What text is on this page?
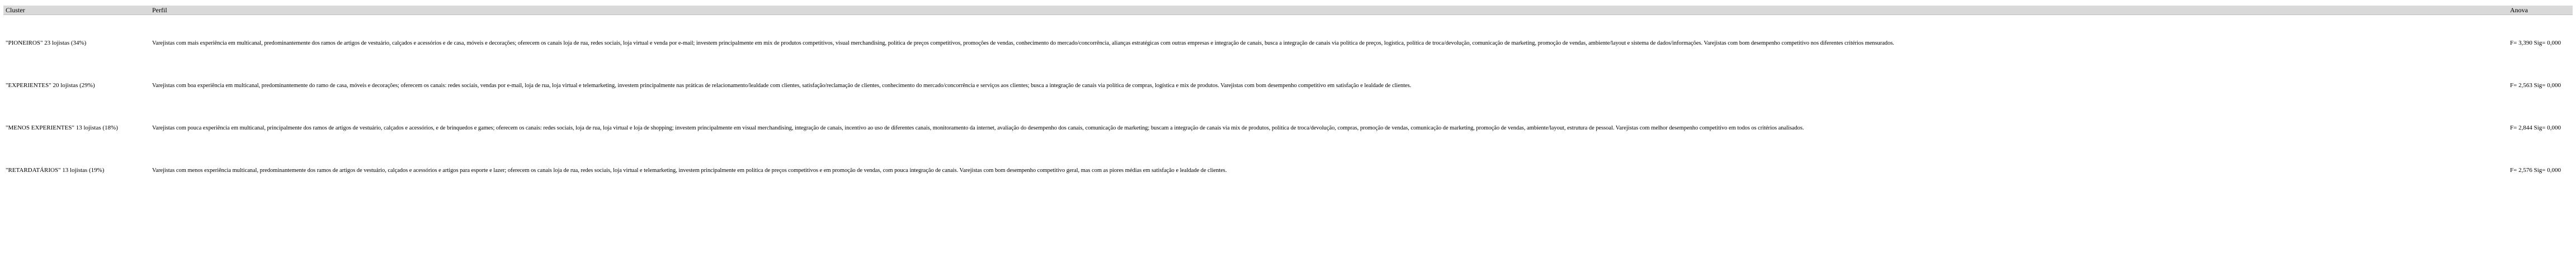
Cluster	Perfil	Anova
"PIONEIROS" 23 lojistas (34%)	Varejistas com mais experiência em multicanal, predominantemente dos ramos de artigos de vestuário, calçados e acessórios e de casa, móveis e decorações; oferecem os canais loja de rua, redes sociais, loja virtual e venda por e-mail; investem principalmente em mix de produtos competitivos, visual merchandising, política de preços competitivos, promoções de vendas, conhecimento do mercado/concorrência, alianças estratégicas com outras empresas e integração de canais, busca a integração de canais via política de preços, logística, política de troca/devolução, comunicação de marketing, promoção de vendas, ambiente/layout e sistema de dados/informações. Varejistas com bom desempenho competitivo nos diferentes critérios mensurados.	F= 3,390 Sig= 0,000
"EXPERIENTES" 20 lojistas (29%)	Varejistas com boa experiência em multicanal, predominantemente do ramo de casa, móveis e decorações; oferecem os canais: redes sociais, vendas por e-mail, loja de rua, loja virtual e telemarketing, investem principalmente nas práticas de relacionamento/lealdade com clientes, satisfação/reclamação de clientes, conhecimento do mercado/concorrência e serviços aos clientes; busca a integração de canais via política de compras, logística e mix de produtos. Varejistas com bom desempenho competitivo em satisfação e lealdade de clientes.	F= 2,563 Sig= 0,000
"MENOS EXPERIENTES" 13 lojistas (18%)	Varejistas com pouca experiência em multicanal, principalmente dos ramos de artigos de vestuário, calçados e acessórios, e de brinquedos e games; oferecem os canais: redes sociais, loja de rua, loja virtual e loja de shopping; investem principalmente em visual merchandising, integração de canais, incentivo ao uso de diferentes canais, monitoramento da internet, avaliação do desempenho dos canais, comunicação de marketing; buscam a integração de canais via mix de produtos, política de troca/devolução, compras, promoção de vendas, comunicação de marketing, promoção de vendas, ambiente/layout, estrutura de pessoal. Varejistas com melhor desempenho competitivo em todos os critérios analisados.	F= 2,844 Sig= 0,000
"RETARDATÁRIOS" 13 lojistas (19%)	Varejistas com menos experiência multicanal, predominantemente dos ramos de artigos de vestuário, calçados e acessórios e artigos para esporte e lazer; oferecem os canais loja de rua, redes sociais, loja virtual e telemarketing, investem principalmente em política de preços competitivos e em promoção de vendas, com pouca integração de canais. Varejistas com bom desempenho competitivo geral, mas com as piores médias em satisfação e lealdade de clientes.	F= 2,576 Sig= 0,000
